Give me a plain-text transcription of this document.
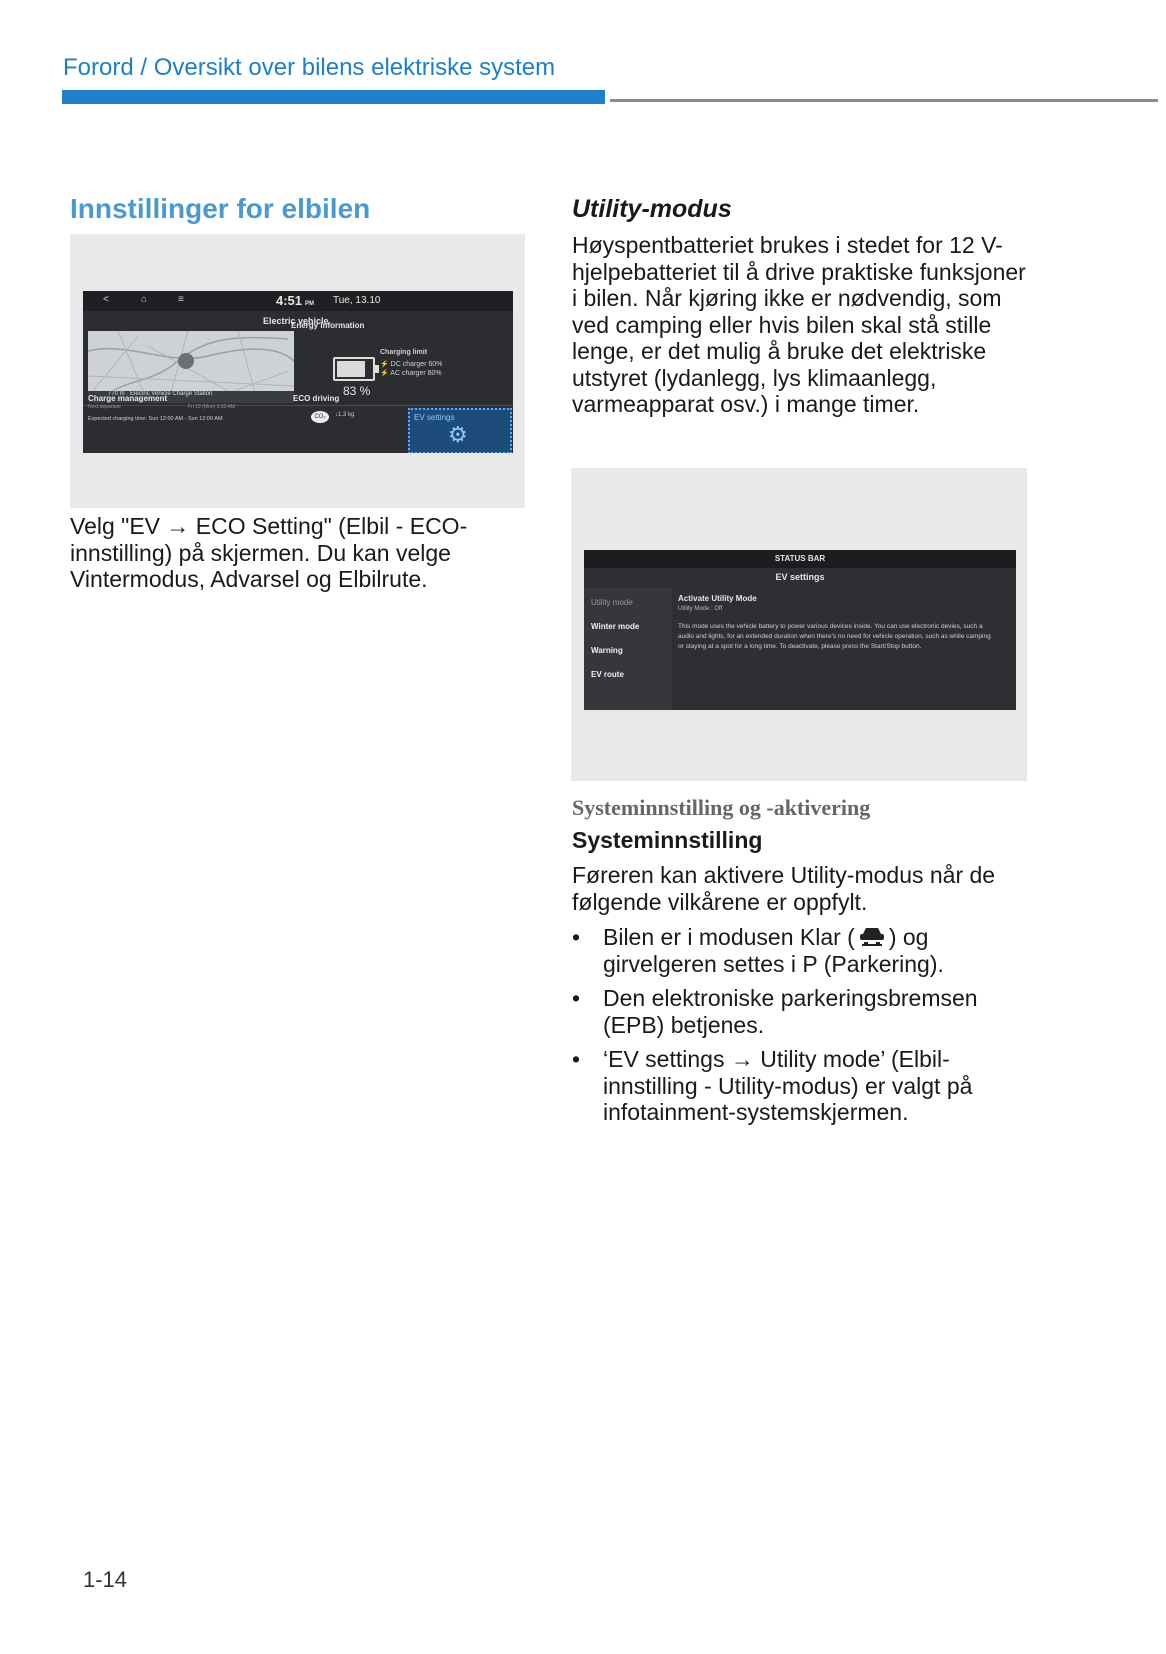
Forord / Oversikt over bilens elektriske system
Innstillinger for elbilen
<	⌂	≡	4:51 PM Tue, 13.10
Electric vehicle
770 m · Electric Vehicle Charge Station
Energy information
83 %
Charging limit
⚡ DC charger 60%
⚡ AC charger 80%
Charge management
Next departure	Fri 19 (Mon) 3:50 AM
Expected charging time: Sun 12:00 AM - Sun 12:00 AM
ECO driving
CO₂	↓1.3 kg	EV settings
⚙
Velg "EV → ECO Setting" (Elbil - ECO-innstilling) på skjermen. Du kan velge Vintermodus, Advarsel og Elbilrute.
Utility-modus
Høyspentbatteriet brukes i stedet for 12 V-hjelpebatteriet til å drive praktiske funksjoner i bilen. Når kjøring ikke er nødvendig, som ved camping eller hvis bilen skal stå stille lenge, er det mulig å bruke det elektriske utstyret (lydanlegg, lys klimaanlegg, varmeapparat osv.) i mange timer.
STATUS BAR
EV settings
Utility mode
Winter mode
Warning
EV route
Activate Utility Mode
Utility Mode : Off
This mode uses the vehicle battery to power various devices inside. You can use electronic devies, such a audio and lights, for an extended duration when there's no need for vehicle operation, such as while camping or staying at a spot for a long time. To deactivate, please press the Start/Stop button.
Systeminnstilling og -aktivering
Systeminnstilling
Føreren kan aktivere Utility-modus når de følgende vilkårene er oppfylt.
• Bilen er i modusen Klar ( ) og girvelgeren settes i P (Parkering).
• Den elektroniske parkeringsbremsen (EPB) betjenes.
• ‘EV settings → Utility mode’ (Elbil-innstilling - Utility-modus) er valgt på infotainment-systemskjermen.
1-14
